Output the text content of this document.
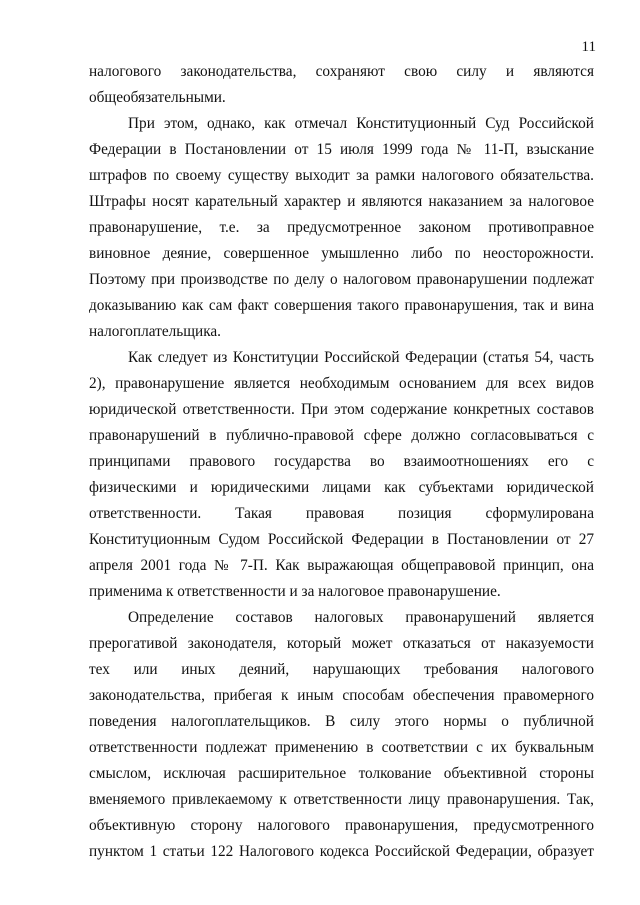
11
налогового законодательства, сохраняют свою силу и являются
общеобязательными.
При этом, однако, как отмечал Конституционный Суд Российской
Федерации в Постановлении от 15 июля 1999 года № 11-П, взыскание
штрафов по своему существу выходит за рамки налогового обязательства.
Штрафы носят карательный характер и являются наказанием за налоговое
правонарушение, т.е. за предусмотренное законом противоправное
виновное деяние, совершенное умышленно либо по неосторожности.
Поэтому при производстве по делу о налоговом правонарушении подлежат
доказыванию как сам факт совершения такого правонарушения, так и вина
налогоплательщика.
Как следует из Конституции Российской Федерации (статья 54, часть
2), правонарушение является необходимым основанием для всех видов
юридической ответственности. При этом содержание конкретных составов
правонарушений в публично-правовой сфере должно согласовываться с
принципами правового государства во взаимоотношениях его с
физическими и юридическими лицами как субъектами юридической
ответственности. Такая правовая позиция сформулирована
Конституционным Судом Российской Федерации в Постановлении от 27
апреля 2001 года № 7-П. Как выражающая общеправовой принцип, она
применима к ответственности и за налоговое правонарушение.
Определение составов налоговых правонарушений является
прерогативой законодателя, который может отказаться от наказуемости
тех или иных деяний, нарушающих требования налогового
законодательства, прибегая к иным способам обеспечения правомерного
поведения налогоплательщиков. В силу этого нормы о публичной
ответственности подлежат применению в соответствии с их буквальным
смыслом, исключая расширительное толкование объективной стороны
вменяемого привлекаемому к ответственности лицу правонарушения. Так,
объективную сторону налогового правонарушения, предусмотренного
пунктом 1 статьи 122 Налогового кодекса Российской Федерации, образует
